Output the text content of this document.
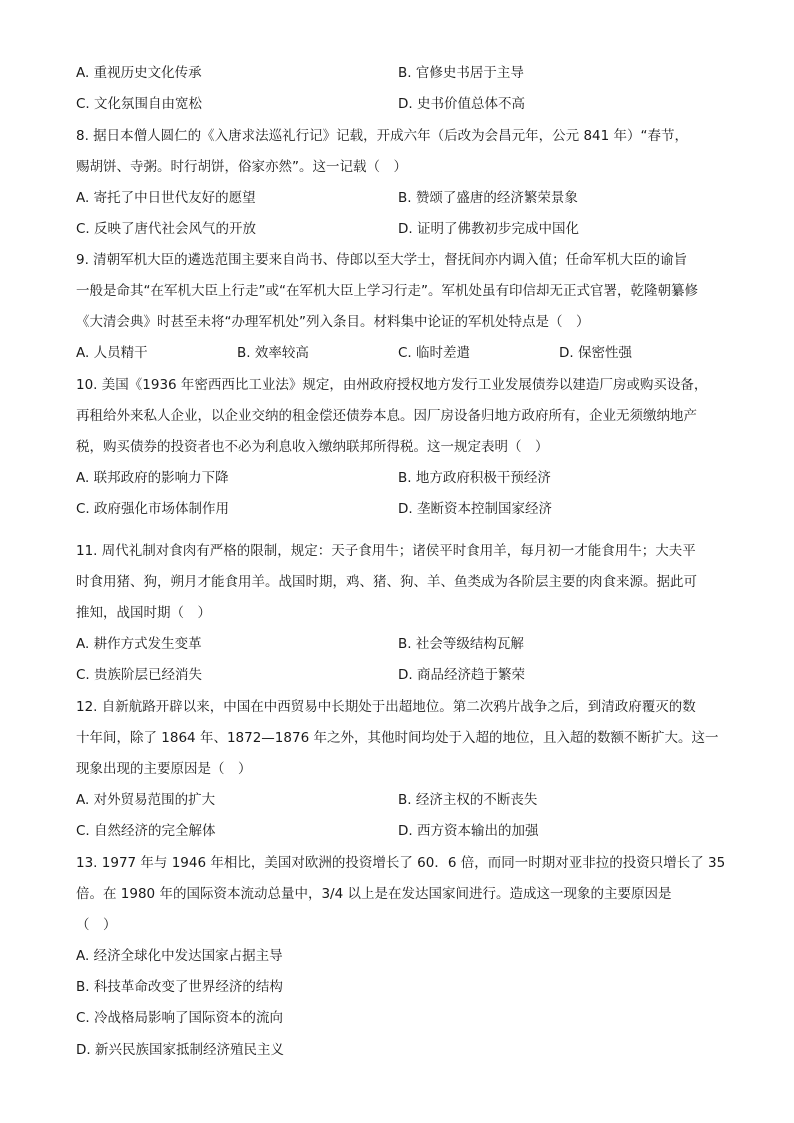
A. 重视历史文化传承	B. 官修史书居于主导
C. 文化氛围自由宽松	D. 史书价值总体不高
8. 据日本僧人圆仁的《入唐求法巡礼行记》记载，开成六年（后改为会昌元年，公元 841 年）“春节，
赐胡饼、寺粥。时行胡饼，俗家亦然”。这一记载（　）
A. 寄托了中日世代友好的愿望	B. 赞颂了盛唐的经济繁荣景象
C. 反映了唐代社会风气的开放	D. 证明了佛教初步完成中国化
9. 清朝军机大臣的遴选范围主要来自尚书、侍郎以至大学士，督抚间亦内调入值；任命军机大臣的谕旨
一般是命其“在军机大臣上行走”或“在军机大臣上学习行走”。军机处虽有印信却无正式官署，乾隆朝纂修
《大清会典》时甚至未将“办理军机处”列入条目。材料集中论证的军机处特点是（　）
A. 人员精干	B. 效率较高	C. 临时差遣	D. 保密性强
10. 美国《1936 年密西西比工业法》规定，由州政府授权地方发行工业发展债券以建造厂房或购买设备，
再租给外来私人企业，以企业交纳的租金偿还债券本息。因厂房设备归地方政府所有，企业无须缴纳地产
税，购买债券的投资者也不必为利息收入缴纳联邦所得税。这一规定表明（　）
A. 联邦政府的影响力下降	B. 地方政府积极干预经济
C. 政府强化市场体制作用	D. 垄断资本控制国家经济
11. 周代礼制对食肉有严格的限制，规定：天子食用牛；诸侯平时食用羊，每月初一才能食用牛；大夫平
时食用猪、狗，朔月才能食用羊。战国时期，鸡、猪、狗、羊、鱼类成为各阶层主要的肉食来源。据此可
推知，战国时期（　）
A. 耕作方式发生变革	B. 社会等级结构瓦解
C. 贵族阶层已经消失	D. 商品经济趋于繁荣
12. 自新航路开辟以来，中国在中西贸易中长期处于出超地位。第二次鸦片战争之后，到清政府覆灭的数
十年间，除了 1864 年、1872—1876 年之外，其他时间均处于入超的地位，且入超的数额不断扩大。这一
现象出现的主要原因是（　）
A. 对外贸易范围的扩大	B. 经济主权的不断丧失
C. 自然经济的完全解体	D. 西方资本输出的加强
13. 1977 年与 1946 年相比，美国对欧洲的投资增长了 60．6 倍，而同一时期对亚非拉的投资只增长了 35
倍。在 1980 年的国际资本流动总量中，3/4 以上是在发达国家间进行。造成这一现象的主要原因是
（　）
A. 经济全球化中发达国家占据主导
B. 科技革命改变了世界经济的结构
C. 冷战格局影响了国际资本的流向
D. 新兴民族国家抵制经济殖民主义
